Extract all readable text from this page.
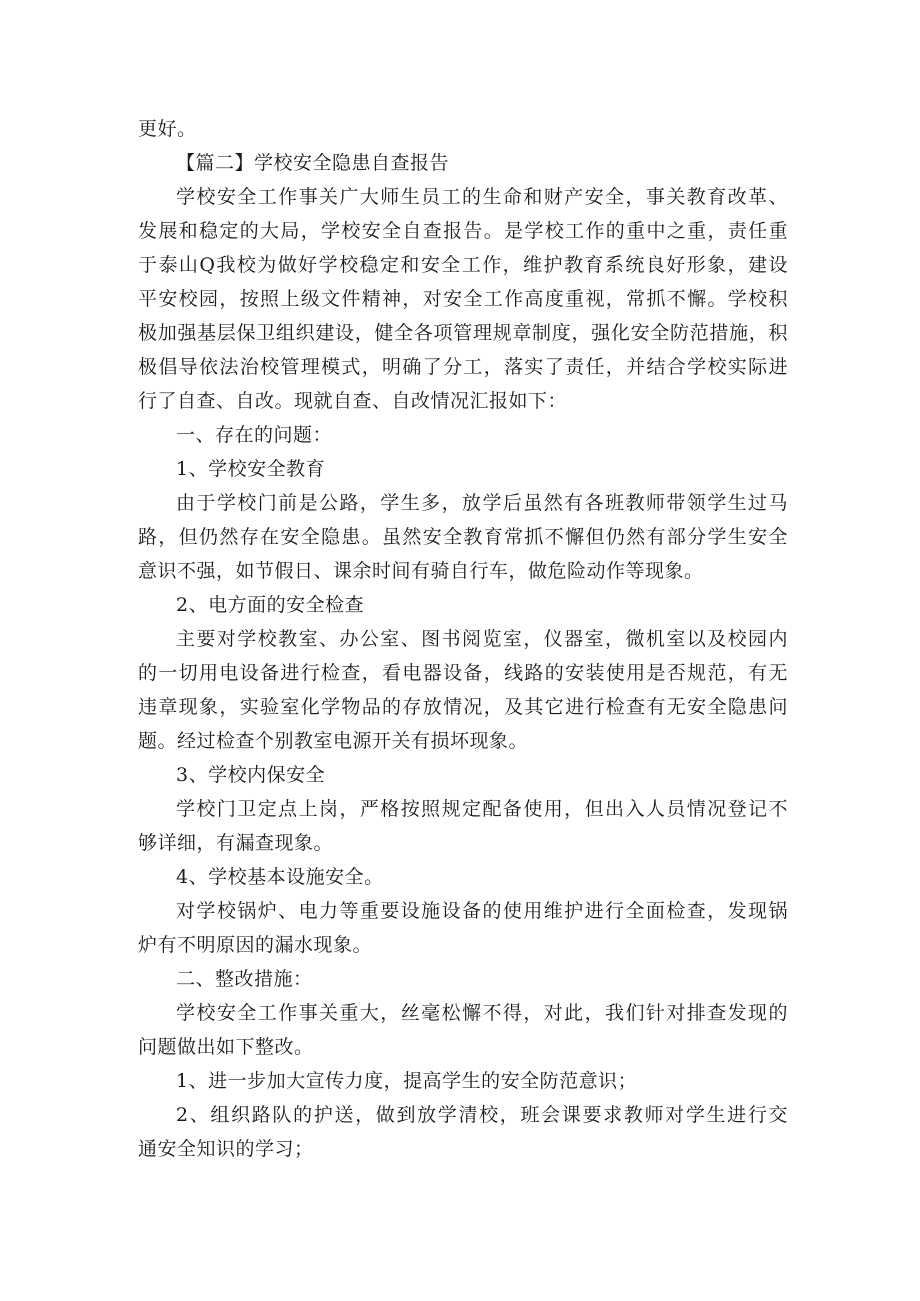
更好。

【篇二】学校安全隐患自查报告

学校安全工作事关广大师生员工的生命和财产安全，事关教育改革、
发展和稳定的大局，学校安全自查报告。是学校工作的重中之重，责任重
于泰山Q我校为做好学校稳定和安全工作，维护教育系统良好形象，建设
平安校园，按照上级文件精神，对安全工作高度重视，常抓不懈。学校积
极加强基层保卫组织建设，健全各项管理规章制度，强化安全防范措施，积
极倡导依法治校管理模式，明确了分工，落实了责任，并结合学校实际进
行了自查、自改。现就自查、自改情况汇报如下：

一、存在的问题：

1、学校安全教育

由于学校门前是公路，学生多，放学后虽然有各班教师带领学生过马
路，但仍然存在安全隐患。虽然安全教育常抓不懈但仍然有部分学生安全
意识不强，如节假日、课余时间有骑自行车，做危险动作等现象。

2、电方面的安全检查

主要对学校教室、办公室、图书阅览室，仪器室，微机室以及校园内
的一切用电设备进行检查，看电器设备，线路的安装使用是否规范，有无
违章现象，实验室化学物品的存放情况，及其它进行检查有无安全隐患问
题。经过检查个别教室电源开关有损坏现象。

3、学校内保安全

学校门卫定点上岗，严格按照规定配备使用，但出入人员情况登记不
够详细，有漏查现象。

4、学校基本设施安全。

对学校锅炉、电力等重要设施设备的使用维护进行全面检查，发现锅
炉有不明原因的漏水现象。

二、整改措施：

学校安全工作事关重大，丝毫松懈不得，对此，我们针对排查发现的
问题做出如下整改。

1、进一步加大宣传力度，提高学生的安全防范意识；

2、组织路队的护送，做到放学清校，班会课要求教师对学生进行交
通安全知识的学习；
